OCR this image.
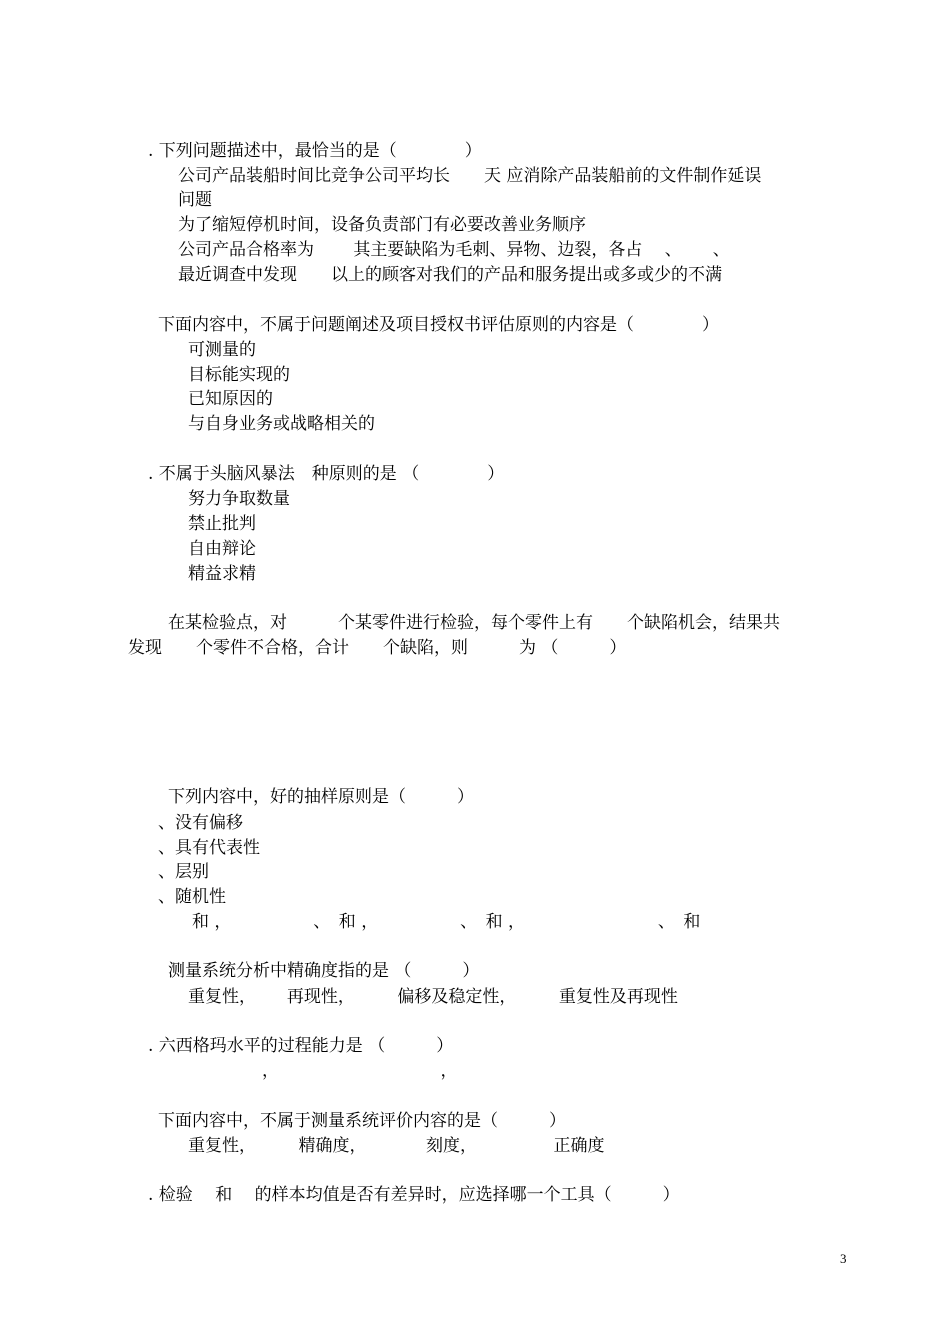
. 下列问题描述中，最恰当的是（　　　　）
公司产品装船时间比竞争公司平均长　　天 应消除产品装船前的文件制作延误
问题
为了缩短停机时间，设备负责部门有必要改善业务顺序
公司产品合格率为　　 其主要缺陷为毛刺、异物、边裂，各占　 、　　 、
最近调查中发现　　以上的顾客对我们的产品和服务提出或多或少的不满
下面内容中，不属于问题阐述及项目授权书评估原则的内容是（　　　　）
可测量的
目标能实现的
已知原因的
与自身业务或战略相关的
. 不属于头脑风暴法　种原则的是 （　　　　）
努力争取数量
禁止批判
自由辩论
精益求精
在某检验点，对　　　个某零件进行检验，每个零件上有　　个缺陷机会，结果共
发现　　个零件不合格，合计　　个缺陷，则　　　为 （　　　）
下列内容中，好的抽样原则是（　　　）
、没有偏移
、具有代表性
、层别
、随机性
和 ，　　　　　 、　和 ，　　　　　 、　和 ，　　　　　　　　 、　和
测量系统分析中精确度指的是 （　　　）
重复性，　　 再现性，　　　偏移及稳定性，　　　重复性及再现性
. 六西格玛水平的过程能力是 （　　　）
，　　　　　　　　　　，
下面内容中，不属于测量系统评价内容的是（　　　）
重复性，　　　精确度，　　　　刻度，　　　　　正确度
. 检验　 和　 的样本均值是否有差异时，应选择哪一个工具（　　　）
3
